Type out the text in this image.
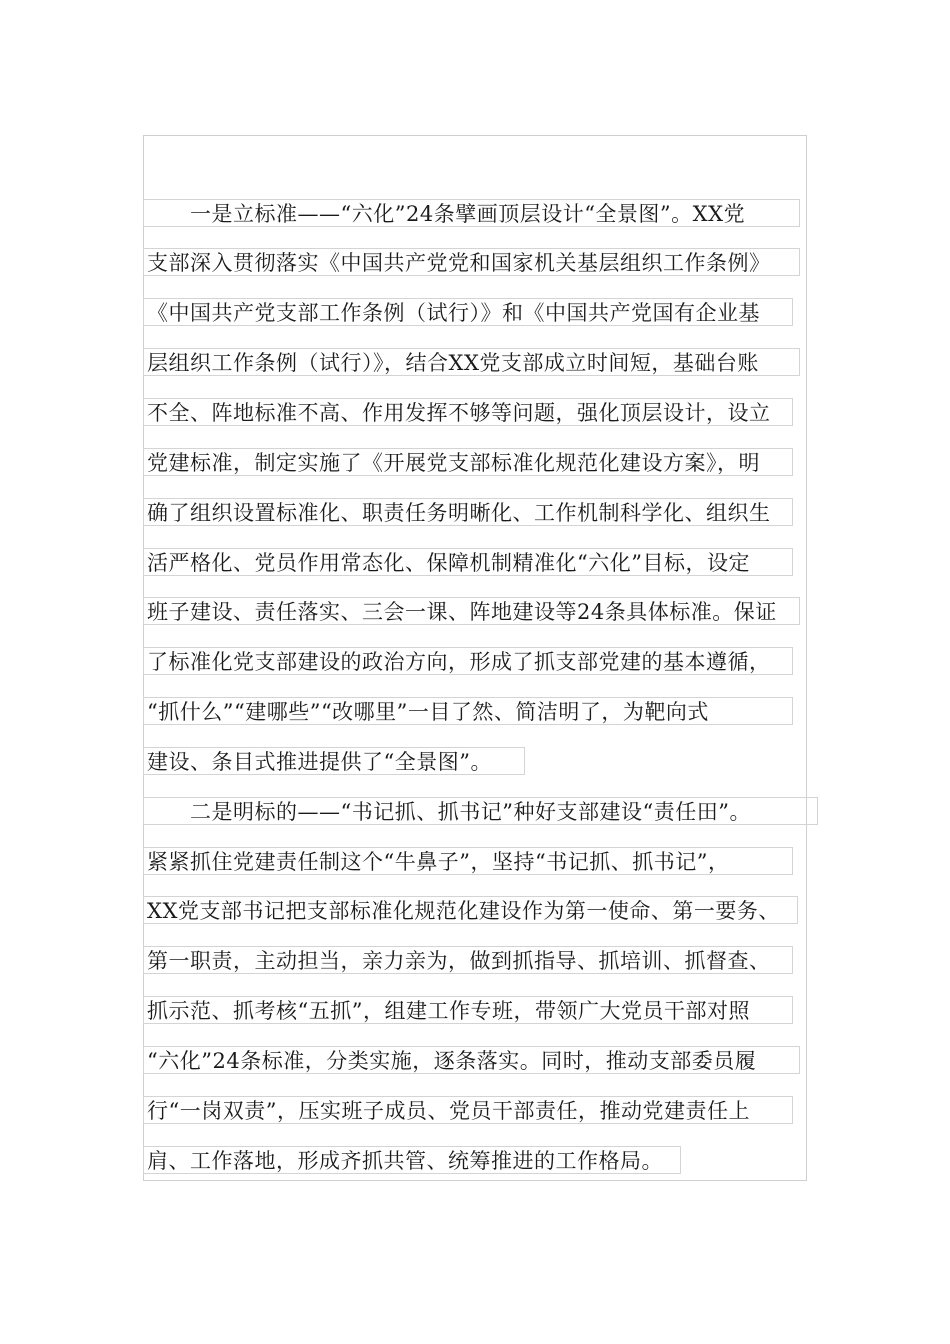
　　一是立标准——“六化”24条擘画顶层设计“全景图”。XX党
支部深入贯彻落实《中国共产党党和国家机关基层组织工作条例》
《中国共产党支部工作条例（试行）》和《中国共产党国有企业基
层组织工作条例（试行）》，结合XX党支部成立时间短，基础台账
不全、阵地标准不高、作用发挥不够等问题，强化顶层设计，设立
党建标准，制定实施了《开展党支部标准化规范化建设方案》，明
确了组织设置标准化、职责任务明晰化、工作机制科学化、组织生
活严格化、党员作用常态化、保障机制精准化“六化”目标，设定
班子建设、责任落实、三会一课、阵地建设等24条具体标准。保证
了标准化党支部建设的政治方向，形成了抓支部党建的基本遵循，
“抓什么”“建哪些”“改哪里”一目了然、简洁明了，为靶向式
建设、条目式推进提供了“全景图”。
　　二是明标的——“书记抓、抓书记”种好支部建设“责任田”。
紧紧抓住党建责任制这个“牛鼻子”，坚持“书记抓、抓书记”，
XX党支部书记把支部标准化规范化建设作为第一使命、第一要务、
第一职责，主动担当，亲力亲为，做到抓指导、抓培训、抓督查、
抓示范、抓考核“五抓”，组建工作专班，带领广大党员干部对照
“六化”24条标准，分类实施，逐条落实。同时，推动支部委员履
行“一岗双责”，压实班子成员、党员干部责任，推动党建责任上
肩、工作落地，形成齐抓共管、统筹推进的工作格局。
